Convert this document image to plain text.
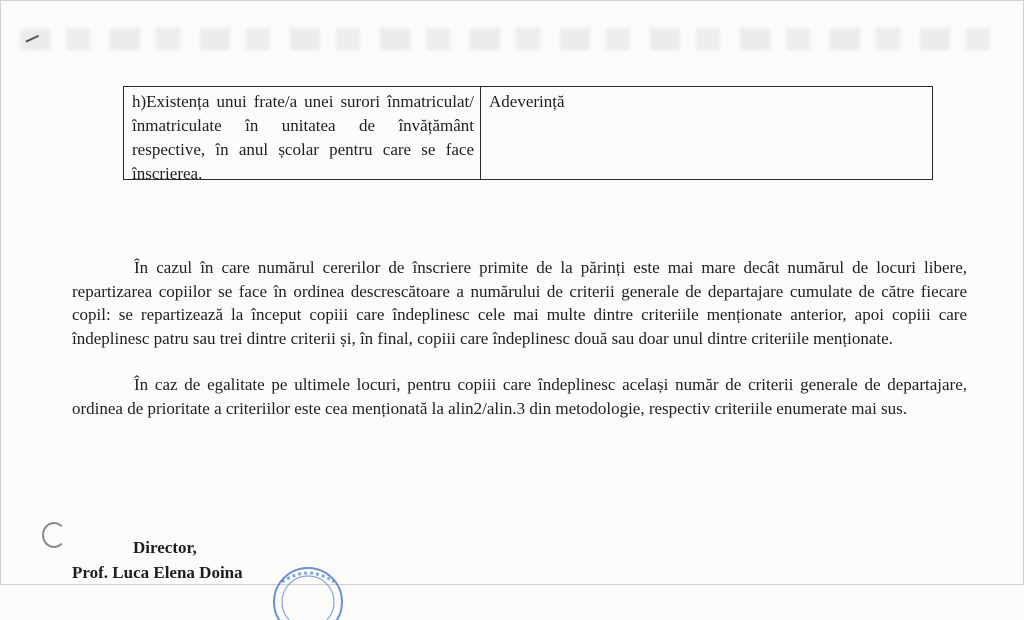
h)Existența unui frate/a unei surori înmatriculat/înmatriculate în unitatea de învățământ respective, în anul școlar pentru care se face înscrierea.
Adeverință

În cazul în care numărul cererilor de înscriere primite de la părinți este mai mare decât numărul de locuri libere, repartizarea copiilor se face în ordinea descrescătoare a numărului de criterii generale de departajare cumulate de către fiecare copil: se repartizează la început copiii care îndeplinesc cele mai multe dintre criteriile menționate anterior, apoi copiii care îndeplinesc patru sau trei dintre criterii și, în final, copiii care îndeplinesc două sau doar unul dintre criteriile menționate.

În caz de egalitate pe ultimele locuri, pentru copiii care îndeplinesc același număr de criterii generale de departajare, ordinea de prioritate a criteriilor este cea menționată la alin2/alin.3 din metodologie, respectiv criteriile enumerate mai sus.

Director,
Prof. Luca Elena Doina
